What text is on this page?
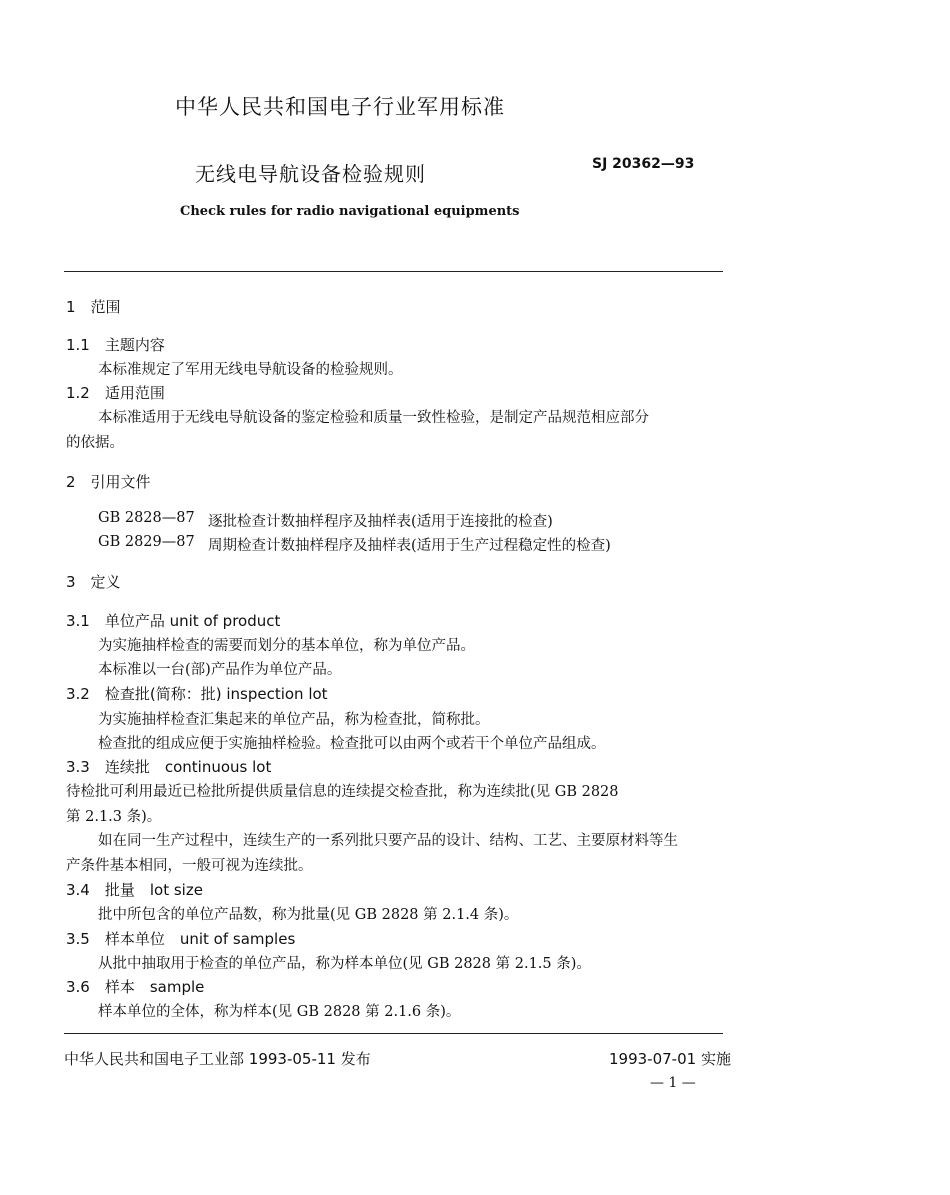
中华人民共和国电子行业军用标准
无线电导航设备检验规则	SJ 20362—93
Check rules for radio navigational equipments
1　范围
1.1　主题内容
本标准规定了军用无线电导航设备的检验规则。
1.2　适用范围
本标准适用于无线电导航设备的鉴定检验和质量一致性检验，是制定产品规范相应部分
的依据。
2　引用文件
GB 2828—87 逐批检查计数抽样程序及抽样表(适用于连接批的检查)
GB 2829—87 周期检查计数抽样程序及抽样表(适用于生产过程稳定性的检查)
3　定义
3.1　单位产品 unit of product
为实施抽样检查的需要而划分的基本单位，称为单位产品。
本标准以一台(部)产品作为单位产品。
3.2　检查批(简称：批) inspection lot
为实施抽样检查汇集起来的单位产品，称为检查批，简称批。
检查批的组成应便于实施抽样检验。检查批可以由两个或若干个单位产品组成。
3.3　连续批　continuous lot
待检批可利用最近已检批所提供质量信息的连续提交检查批，称为连续批(见 GB 2828
第 2.1.3 条)。
如在同一生产过程中，连续生产的一系列批只要产品的设计、结构、工艺、主要原材料等生
产条件基本相同，一般可视为连续批。
3.4　批量　lot size
批中所包含的单位产品数，称为批量(见 GB 2828 第 2.1.4 条)。
3.5　样本单位　unit of samples
从批中抽取用于检查的单位产品，称为样本单位(见 GB 2828 第 2.1.5 条)。
3.6　样本　sample
样本单位的全体，称为样本(见 GB 2828 第 2.1.6 条)。
中华人民共和国电子工业部 1993-05-11 发布	1993-07-01 实施
— 1 —
